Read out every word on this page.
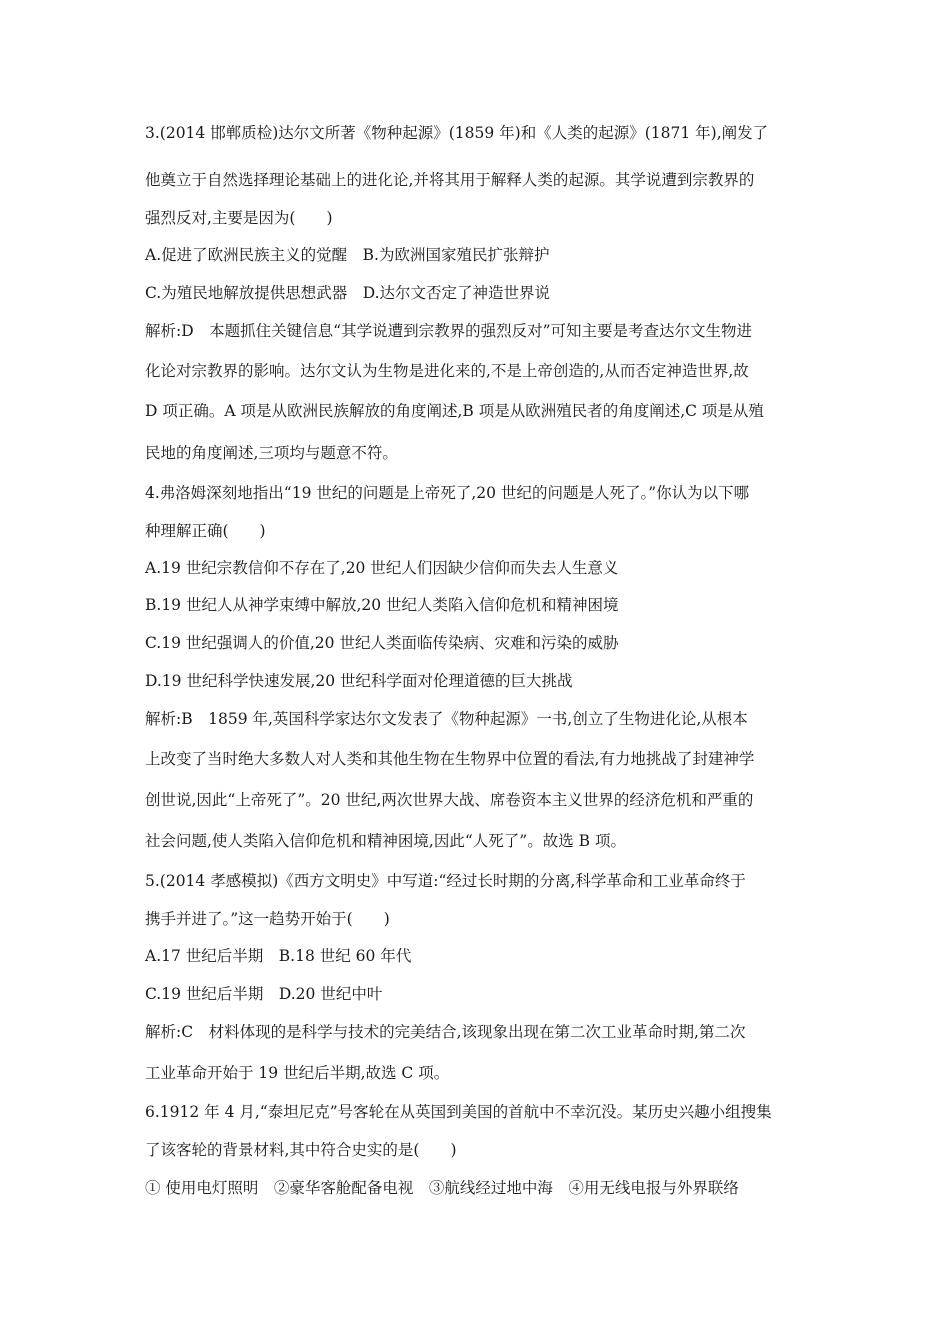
3.(2014 邯郸质检)达尔文所著《物种起源》(1859 年)和《人类的起源》(1871 年),阐发了
他奠立于自然选择理论基础上的进化论,并将其用于解释人类的起源。其学说遭到宗教界的
强烈反对,主要是因为(　　)
A.促进了欧洲民族主义的觉醒　B.为欧洲国家殖民扩张辩护
C.为殖民地解放提供思想武器　D.达尔文否定了神造世界说
解析:D　本题抓住关键信息“其学说遭到宗教界的强烈反对”可知主要是考查达尔文生物进
化论对宗教界的影响。达尔文认为生物是进化来的,不是上帝创造的,从而否定神造世界,故
D 项正确。A 项是从欧洲民族解放的角度阐述,B 项是从欧洲殖民者的角度阐述,C 项是从殖
民地的角度阐述,三项均与题意不符。
4.弗洛姆深刻地指出“19 世纪的问题是上帝死了,20 世纪的问题是人死了。”你认为以下哪
种理解正确(　　)
A.19 世纪宗教信仰不存在了,20 世纪人们因缺少信仰而失去人生意义
B.19 世纪人从神学束缚中解放,20 世纪人类陷入信仰危机和精神困境
C.19 世纪强调人的价值,20 世纪人类面临传染病、灾难和污染的威胁
D.19 世纪科学快速发展,20 世纪科学面对伦理道德的巨大挑战
解析:B　1859 年,英国科学家达尔文发表了《物种起源》一书,创立了生物进化论,从根本
上改变了当时绝大多数人对人类和其他生物在生物界中位置的看法,有力地挑战了封建神学
创世说,因此“上帝死了”。20 世纪,两次世界大战、席卷资本主义世界的经济危机和严重的
社会问题,使人类陷入信仰危机和精神困境,因此“人死了”。故选 B 项。
5.(2014 孝感模拟)《西方文明史》中写道:“经过长时期的分离,科学革命和工业革命终于
携手并进了。”这一趋势开始于(　　)
A.17 世纪后半期　B.18 世纪 60 年代
C.19 世纪后半期　D.20 世纪中叶
解析:C　材料体现的是科学与技术的完美结合,该现象出现在第二次工业革命时期,第二次
工业革命开始于 19 世纪后半期,故选 C 项。
6.1912 年 4 月,“泰坦尼克”号客轮在从英国到美国的首航中不幸沉没。某历史兴趣小组搜集
了该客轮的背景材料,其中符合史实的是(　　)
① 使用电灯照明　②豪华客舱配备电视　③航线经过地中海　④用无线电报与外界联络
